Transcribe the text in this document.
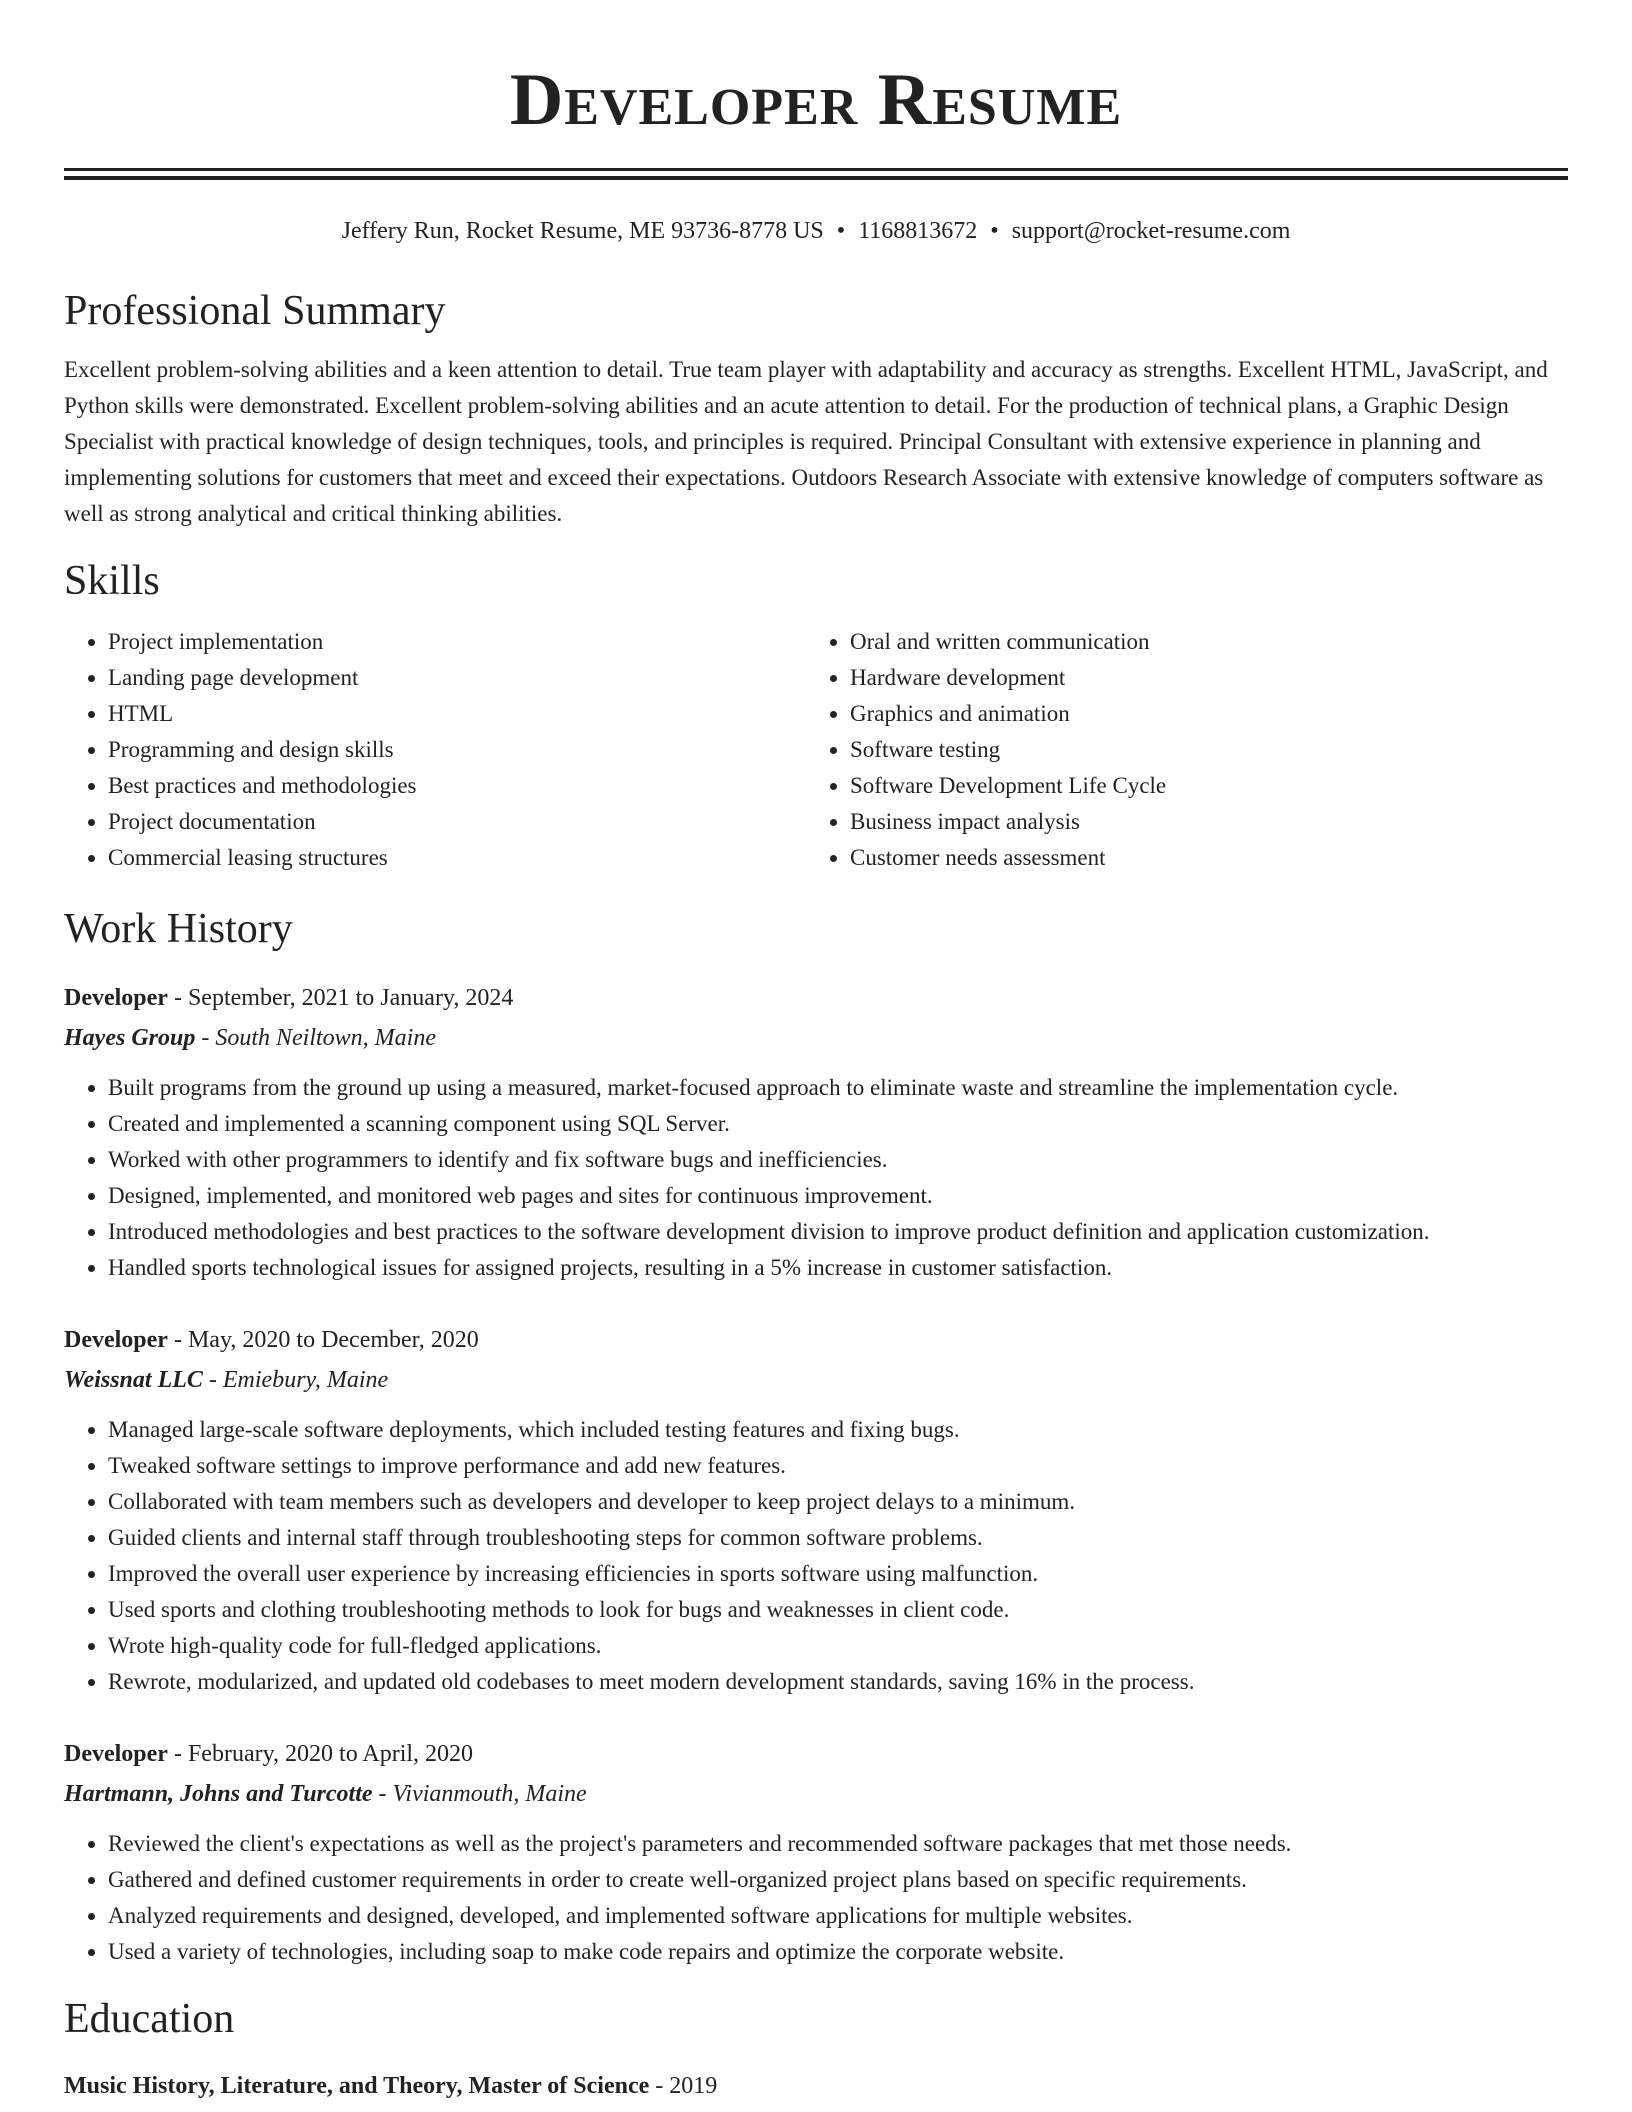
Developer Resume
Jeffery Run, Rocket Resume, ME 93736-8778 US • 1168813672 • support@rocket-resume.com
Professional Summary

Excellent problem-solving abilities and a keen attention to detail. True team player with adaptability and accuracy as strengths. Excellent HTML, JavaScript, and Python skills were demonstrated. Excellent problem-solving abilities and an acute attention to detail. For the production of technical plans, a Graphic Design Specialist with practical knowledge of design techniques, tools, and principles is required. Principal Consultant with extensive experience in planning and implementing solutions for customers that meet and exceed their expectations. Outdoors Research Associate with extensive knowledge of computers software as well as strong analytical and critical thinking abilities.

Skills
• Project implementation
• Landing page development
• HTML
• Programming and design skills
• Best practices and methodologies
• Project documentation
• Commercial leasing structures
• Oral and written communication
• Hardware development
• Graphics and animation
• Software testing
• Software Development Life Cycle
• Business impact analysis
• Customer needs assessment
Work History
Developer - September, 2021 to January, 2024
Hayes Group - South Neiltown, Maine
• Built programs from the ground up using a measured, market-focused approach to eliminate waste and streamline the implementation cycle.
• Created and implemented a scanning component using SQL Server.
• Worked with other programmers to identify and fix software bugs and inefficiencies.
• Designed, implemented, and monitored web pages and sites for continuous improvement.
• Introduced methodologies and best practices to the software development division to improve product definition and application customization.
• Handled sports technological issues for assigned projects, resulting in a 5% increase in customer satisfaction.
Developer - May, 2020 to December, 2020
Weissnat LLC - Emiebury, Maine
• Managed large-scale software deployments, which included testing features and fixing bugs.
• Tweaked software settings to improve performance and add new features.
• Collaborated with team members such as developers and developer to keep project delays to a minimum.
• Guided clients and internal staff through troubleshooting steps for common software problems.
• Improved the overall user experience by increasing efficiencies in sports software using malfunction.
• Used sports and clothing troubleshooting methods to look for bugs and weaknesses in client code.
• Wrote high-quality code for full-fledged applications.
• Rewrote, modularized, and updated old codebases to meet modern development standards, saving 16% in the process.
Developer - February, 2020 to April, 2020
Hartmann, Johns and Turcotte - Vivianmouth, Maine
• Reviewed the client's expectations as well as the project's parameters and recommended software packages that met those needs.
• Gathered and defined customer requirements in order to create well-organized project plans based on specific requirements.
• Analyzed requirements and designed, developed, and implemented software applications for multiple websites.
• Used a variety of technologies, including soap to make code repairs and optimize the corporate website.
Education
Music History, Literature, and Theory, Master of Science - 2019
